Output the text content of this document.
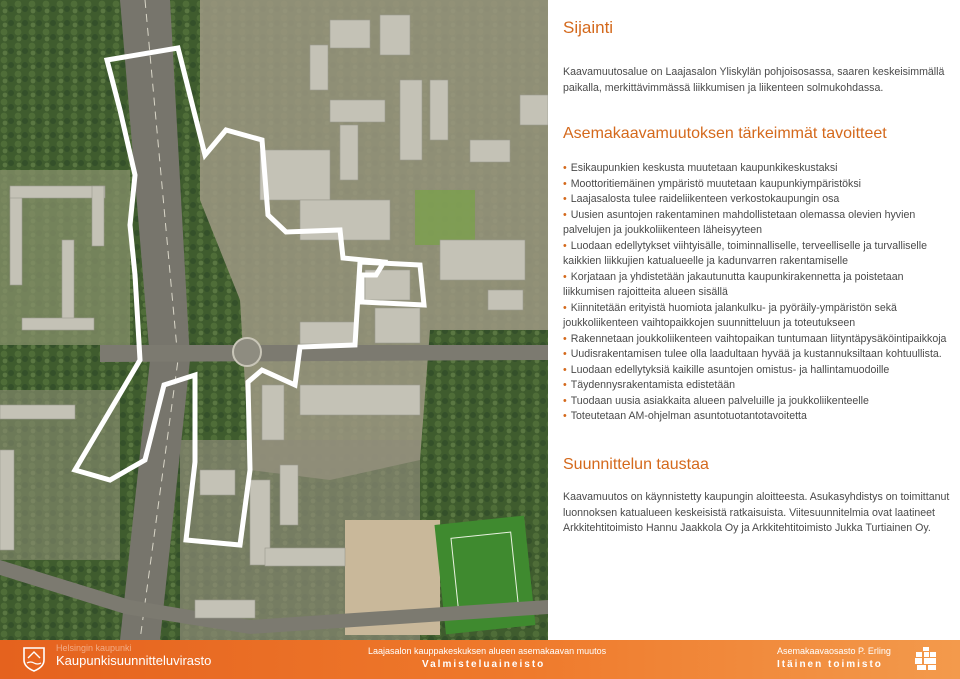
Sijainti

Kaavamuutosalue on Laajasalon Yliskylän pohjoisosassa, saaren keskeisimmällä paikalla, merkittävimmässä liikkumisen ja liikenteen solmukohdassa.

Asemakaavamuutoksen tärkeimmät tavoitteet
• Esikaupunkien keskusta muutetaan kaupunkikeskustaksi
• Moottoritiemäinen ympäristö muutetaan kaupunkiympäristöksi
• Laajasalosta tulee raideliikenteen verkostokaupungin osa
• Uusien asuntojen rakentaminen mahdollistetaan olemassa olevien hyvien palvelujen ja joukkoliikenteen läheisyyteen
• Luodaan edellytykset viihtyisälle, toiminnalliselle, terveelliselle ja turvalliselle kaikkien liikkujien katualueelle ja kadunvarren rakentamiselle
• Korjataan ja yhdistetään jakautunutta kaupunkirakennetta ja poistetaan liikkumisen rajoitteita alueen sisällä
• Kiinnitetään erityistä huomiota jalankulku- ja pyöräily-ympäristön sekä joukkoliikenteen vaihtopaikkojen suunnitteluun ja toteutukseen
• Rakennetaan joukkoliikenteen vaihtopaikan tuntumaan liityntäpysäköintipaikkoja
• Uudisrakentamisen tulee olla laadultaan hyvää ja kustannuksiltaan kohtuullista.
• Luodaan edellytyksiä kaikille asuntojen omistus- ja hallintamuodoille
• Täydennysrakentamista edistetään
• Tuodaan uusia asiakkaita alueen palveluille ja joukkoliikenteelle
• Toteutetaan AM-ohjelman asuntotuotantotavoitetta
Suunnittelun taustaa

Kaavamuutos on käynnistetty kaupungin aloitteesta. Asukasyhdistys on toimittanut luonnoksen katualueen keskeisistä ratkaisuista. Viitesuunnitelmia ovat laatineet Arkkitehtitoimisto Hannu Jaakkola Oy ja Arkkitehtitoimisto Jukka Turtiainen Oy.

Helsingin kaupunki
Kaupunkisuunnitteluvirasto
Laajasalon kauppakeskuksen alueen asemakaavan muutos
Valmisteluaineisto
Asemakaavaosasto P. Erling
Itäinen toimisto
